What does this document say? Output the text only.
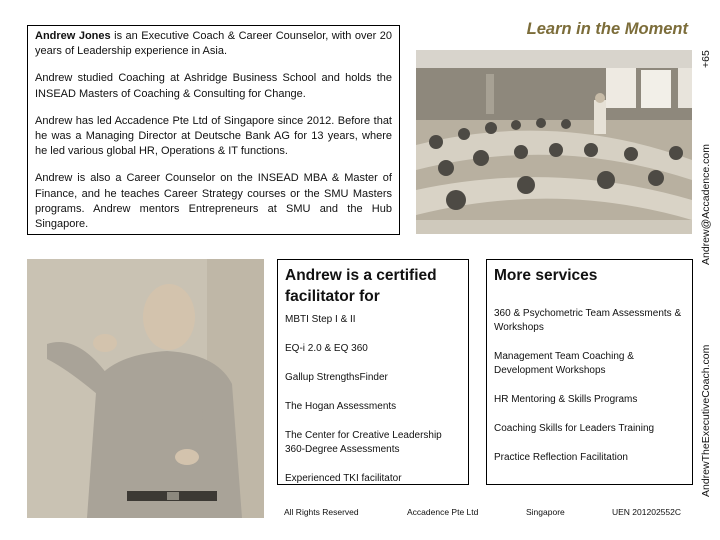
Learn in the Moment

Andrew Jones is an Executive Coach & Career Counselor, with over 20 years of Leadership experience in Asia.

Andrew studied Coaching at Ashridge Business School and holds the INSEAD Masters of Coaching & Consulting for Change.

Andrew has led Accadence Pte Ltd of Singapore since 2012. Before that he was a Managing Director at Deutsche Bank AG for 13 years, where he led various global HR, Operations & IT functions.

Andrew is also a Career Counselor on the INSEAD MBA & Master of Finance, and he teaches Career Strategy courses or the SMU Masters programs. Andrew mentors Entrepreneurs at SMU and the Hub Singapore.

Andrew is a certified facilitator for
MBTI Step I & II
EQ-i 2.0 & EQ 360
Gallup StrengthsFinder
The Hogan Assessments
The Center for Creative Leadership 360-Degree Assessments
Experienced TKI facilitator
More services
360 & Psychometric Team Assessments & Workshops
Management Team Coaching & Development Workshops
HR Mentoring & Skills Programs
Coaching Skills for Leaders Training
Practice Reflection Facilitation
All Rights Reserved	Accadence Pte Ltd	Singapore	UEN 201202552C
+65
Andrew@Accadence.com
AndrewTheExecutiveCoach.com
